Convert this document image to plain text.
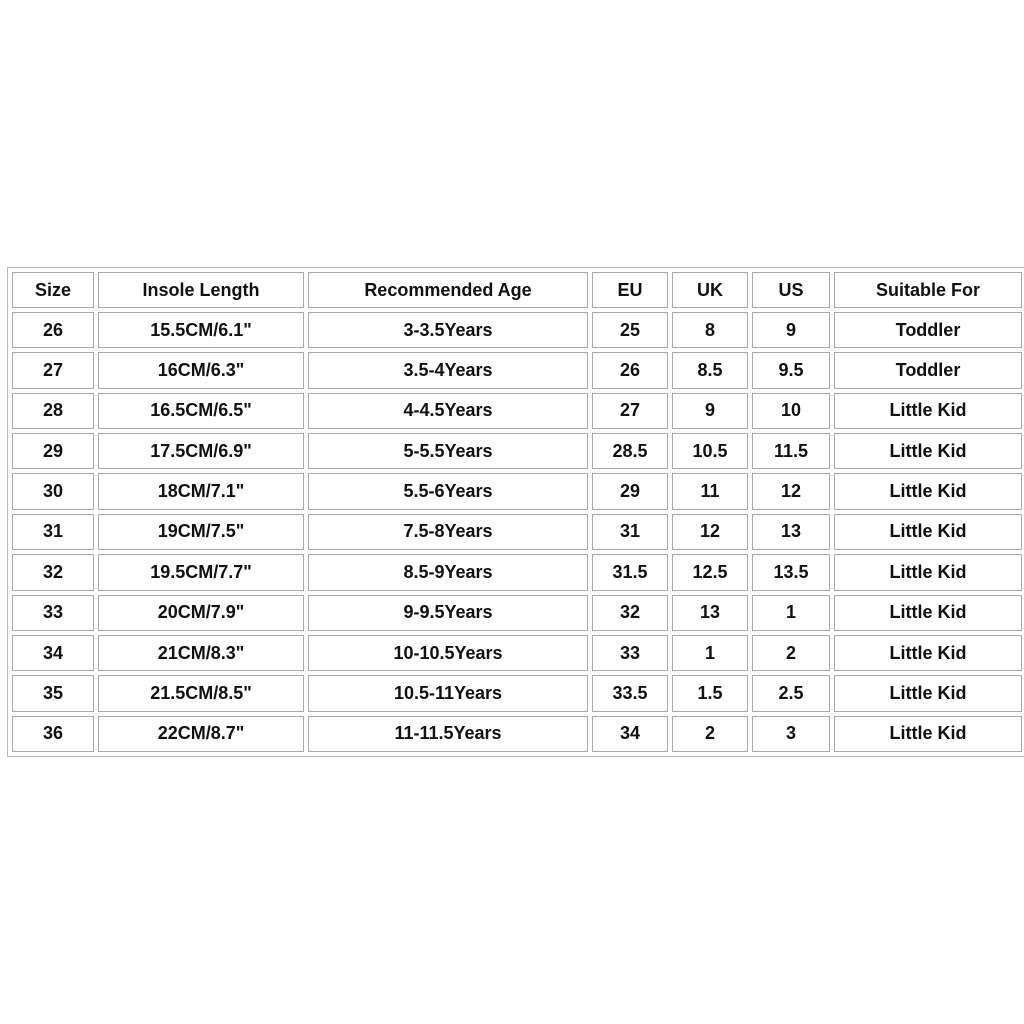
Size	Insole Length	Recommended Age	EU	UK	US	Suitable For
26	15.5CM/6.1"	3-3.5Years	25	8	9	Toddler
27	16CM/6.3"	3.5-4Years	26	8.5	9.5	Toddler
28	16.5CM/6.5"	4-4.5Years	27	9	10	Little Kid
29	17.5CM/6.9"	5-5.5Years	28.5	10.5	11.5	Little Kid
30	18CM/7.1"	5.5-6Years	29	11	12	Little Kid
31	19CM/7.5"	7.5-8Years	31	12	13	Little Kid
32	19.5CM/7.7"	8.5-9Years	31.5	12.5	13.5	Little Kid
33	20CM/7.9"	9-9.5Years	32	13	1	Little Kid
34	21CM/8.3"	10-10.5Years	33	1	2	Little Kid
35	21.5CM/8.5"	10.5-11Years	33.5	1.5	2.5	Little Kid
36	22CM/8.7"	11-11.5Years	34	2	3	Little Kid
